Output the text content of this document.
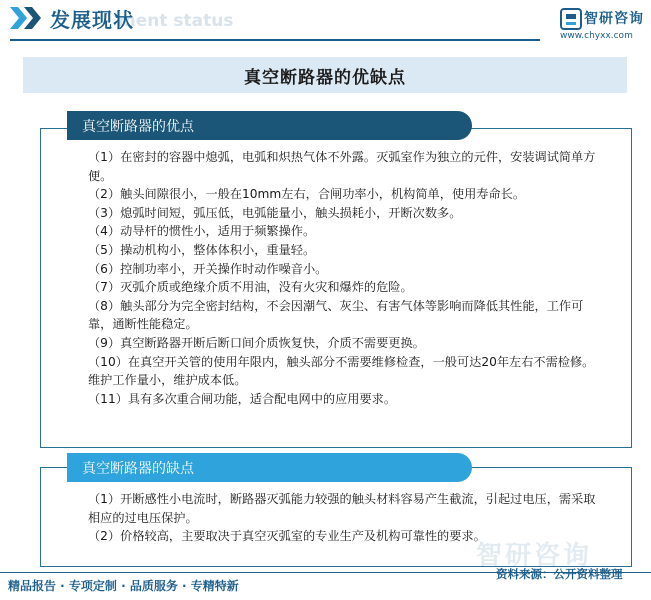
ment status
发展现状	智研咨询
www.chyxx.com
真空断路器的优缺点
真空断路器的优点
（1）在密封的容器中熄弧，电弧和炽热气体不外露。灭弧室作为独立的元件，安装调试简单方便。
（2）触头间隙很小，一般在10mm左右，合闸功率小，机构简单，使用寿命长。
（3）熄弧时间短，弧压低，电弧能量小，触头损耗小，开断次数多。
（4）动导杆的惯性小，适用于频繁操作。
（5）操动机构小，整体体积小，重量轻。
（6）控制功率小，开关操作时动作噪音小。
（7）灭弧介质或绝缘介质不用油，没有火灾和爆炸的危险。
（8）触头部分为完全密封结构，不会因潮气、灰尘、有害气体等影响而降低其性能，工作可靠，通断性能稳定。
（9）真空断路器开断后断口间介质恢复快，介质不需要更换。
（10）在真空开关管的使用年限内，触头部分不需要维修检查，一般可达20年左右不需检修。维护工作量小，维护成本低。
（11）具有多次重合闸功能，适合配电网中的应用要求。
真空断路器的缺点
（1）开断感性小电流时，断路器灭弧能力较强的触头材料容易产生截流，引起过电压，需采取相应的过电压保护。
（2）价格较高，主要取决于真空灭弧室的专业生产及机构可靠性的要求。
智研咨询
精品报告 · 专项定制 · 品质服务 · 专精特新
资料来源：公开资料整理
